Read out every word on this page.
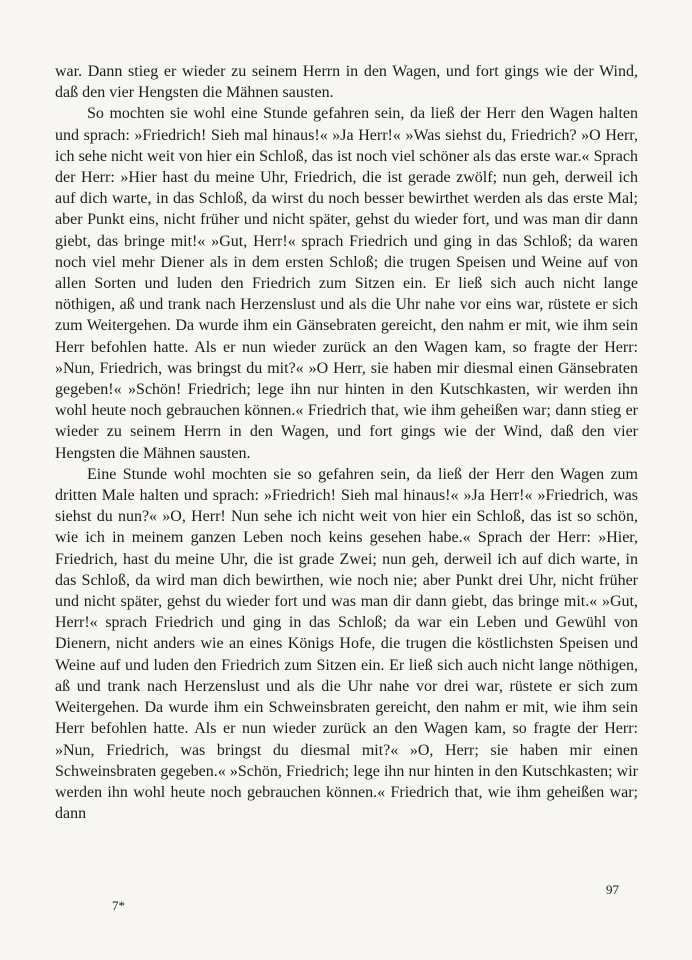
war. Dann stieg er wieder zu seinem Herrn in den Wagen, und fort gings wie der Wind, daß den vier Hengsten die Mähnen sausten.

So mochten sie wohl eine Stunde gefahren sein, da ließ der Herr den Wagen halten und sprach: »Friedrich! Sieh mal hinaus!« »Ja Herr!« »Was siehst du, Friedrich? »O Herr, ich sehe nicht weit von hier ein Schloß, das ist noch viel schöner als das erste war.« Sprach der Herr: »Hier hast du meine Uhr, Friedrich, die ist gerade zwölf; nun geh, derweil ich auf dich warte, in das Schloß, da wirst du noch besser bewirthet werden als das erste Mal; aber Punkt eins, nicht früher und nicht später, gehst du wieder fort, und was man dir dann giebt, das bringe mit!« »Gut, Herr!« sprach Friedrich und ging in das Schloß; da waren noch viel mehr Diener als in dem ersten Schloß; die trugen Speisen und Weine auf von allen Sorten und luden den Friedrich zum Sitzen ein. Er ließ sich auch nicht lange nöthigen, aß und trank nach Herzenslust und als die Uhr nahe vor eins war, rüstete er sich zum Weitergehen. Da wurde ihm ein Gänsebraten gereicht, den nahm er mit, wie ihm sein Herr befohlen hatte. Als er nun wieder zurück an den Wagen kam, so fragte der Herr: »Nun, Friedrich, was bringst du mit?« »O Herr, sie haben mir diesmal einen Gänsebraten gegeben!« »Schön! Friedrich; lege ihn nur hinten in den Kutschkasten, wir werden ihn wohl heute noch gebrauchen können.« Friedrich that, wie ihm geheißen war; dann stieg er wieder zu seinem Herrn in den Wagen, und fort gings wie der Wind, daß den vier Hengsten die Mähnen sausten.

Eine Stunde wohl mochten sie so gefahren sein, da ließ der Herr den Wagen zum dritten Male halten und sprach: »Friedrich! Sieh mal hinaus!« »Ja Herr!« »Friedrich, was siehst du nun?« »O, Herr! Nun sehe ich nicht weit von hier ein Schloß, das ist so schön, wie ich in meinem ganzen Leben noch keins gesehen habe.« Sprach der Herr: »Hier, Friedrich, hast du meine Uhr, die ist grade Zwei; nun geh, derweil ich auf dich warte, in das Schloß, da wird man dich bewirthen, wie noch nie; aber Punkt drei Uhr, nicht früher und nicht später, gehst du wieder fort und was man dir dann giebt, das bringe mit.« »Gut, Herr!« sprach Friedrich und ging in das Schloß; da war ein Leben und Gewühl von Dienern, nicht anders wie an eines Königs Hofe, die trugen die köstlichsten Speisen und Weine auf und luden den Friedrich zum Sitzen ein. Er ließ sich auch nicht lange nöthigen, aß und trank nach Herzenslust und als die Uhr nahe vor drei war, rüstete er sich zum Weitergehen. Da wurde ihm ein Schweinsbraten gereicht, den nahm er mit, wie ihm sein Herr befohlen hatte. Als er nun wieder zurück an den Wagen kam, so fragte der Herr: »Nun, Friedrich, was bringst du diesmal mit?« »O, Herr; sie haben mir einen Schweinsbraten gegeben.« »Schön, Friedrich; lege ihn nur hinten in den Kutschkasten; wir werden ihn wohl heute noch gebrauchen können.« Friedrich that, wie ihm geheißen war; dann

7*
97
